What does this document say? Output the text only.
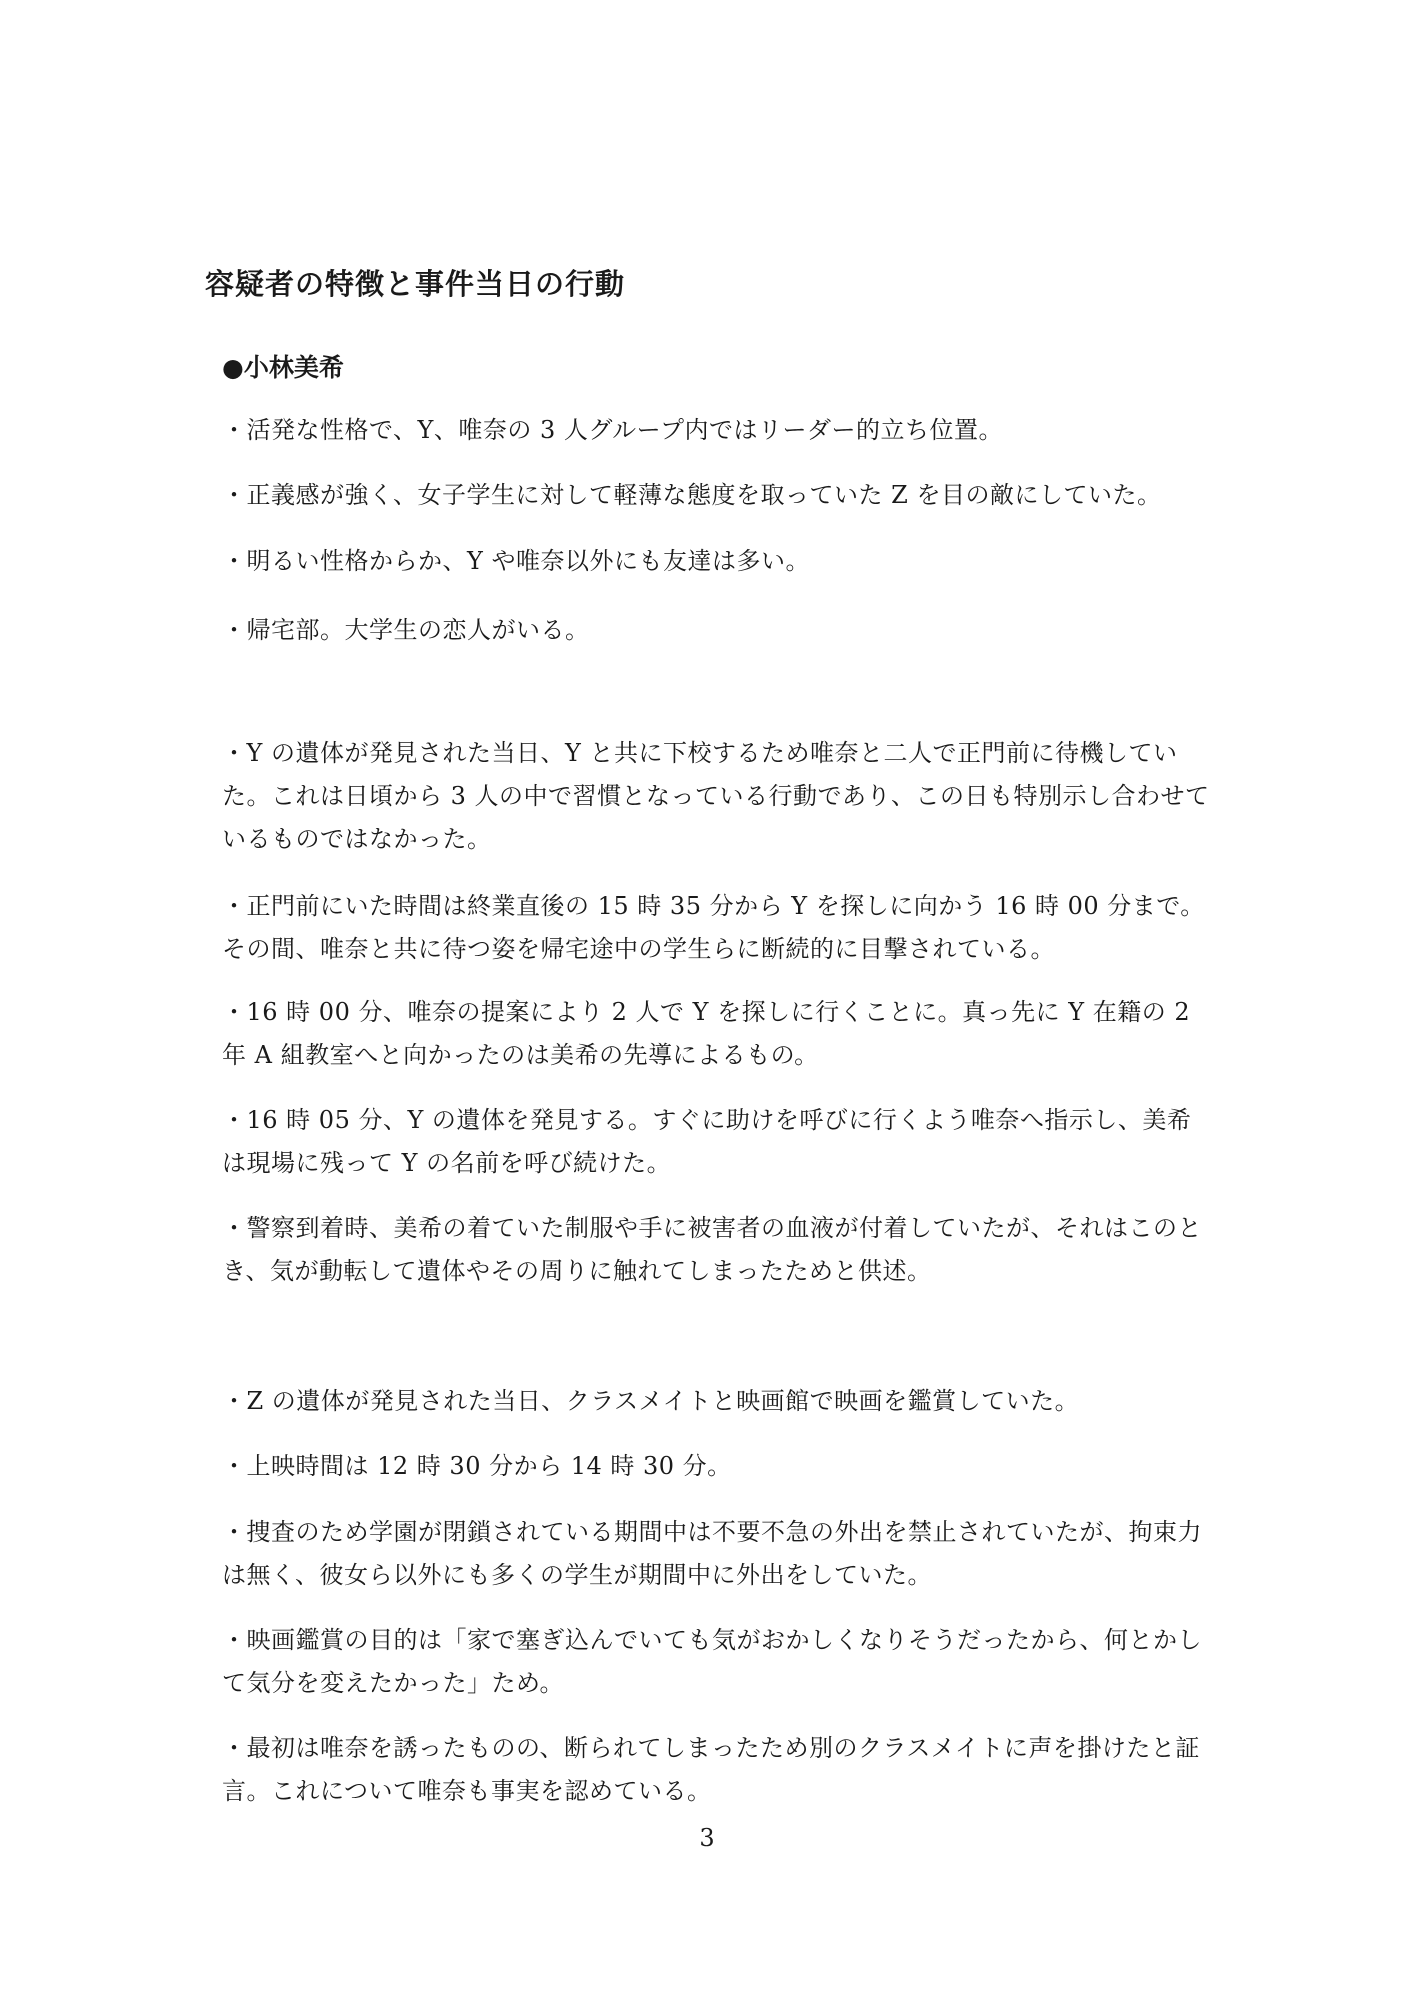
容疑者の特徴と事件当日の行動
●小林美希
・活発な性格で、Y、唯奈の 3 人グループ内ではリーダー的立ち位置。
・正義感が強く、女子学生に対して軽薄な態度を取っていた Z を目の敵にしていた。
・明るい性格からか、Y や唯奈以外にも友達は多い。
・帰宅部。大学生の恋人がいる。
・Y の遺体が発見された当日、Y と共に下校するため唯奈と二人で正門前に待機していた。これは日頃から 3 人の中で習慣となっている行動であり、この日も特別示し合わせているものではなかった。
・正門前にいた時間は終業直後の 15 時 35 分から Y を探しに向かう 16 時 00 分まで。その間、唯奈と共に待つ姿を帰宅途中の学生らに断続的に目撃されている。
・16 時 00 分、唯奈の提案により 2 人で Y を探しに行くことに。真っ先に Y 在籍の 2 年 A 組教室へと向かったのは美希の先導によるもの。
・16 時 05 分、Y の遺体を発見する。すぐに助けを呼びに行くよう唯奈へ指示し、美希は現場に残って Y の名前を呼び続けた。
・警察到着時、美希の着ていた制服や手に被害者の血液が付着していたが、それはこのとき、気が動転して遺体やその周りに触れてしまったためと供述。
・Z の遺体が発見された当日、クラスメイトと映画館で映画を鑑賞していた。
・上映時間は 12 時 30 分から 14 時 30 分。
・捜査のため学園が閉鎖されている期間中は不要不急の外出を禁止されていたが、拘束力は無く、彼女ら以外にも多くの学生が期間中に外出をしていた。
・映画鑑賞の目的は「家で塞ぎ込んでいても気がおかしくなりそうだったから、何とかして気分を変えたかった」ため。
・最初は唯奈を誘ったものの、断られてしまったため別のクラスメイトに声を掛けたと証言。これについて唯奈も事実を認めている。
3
